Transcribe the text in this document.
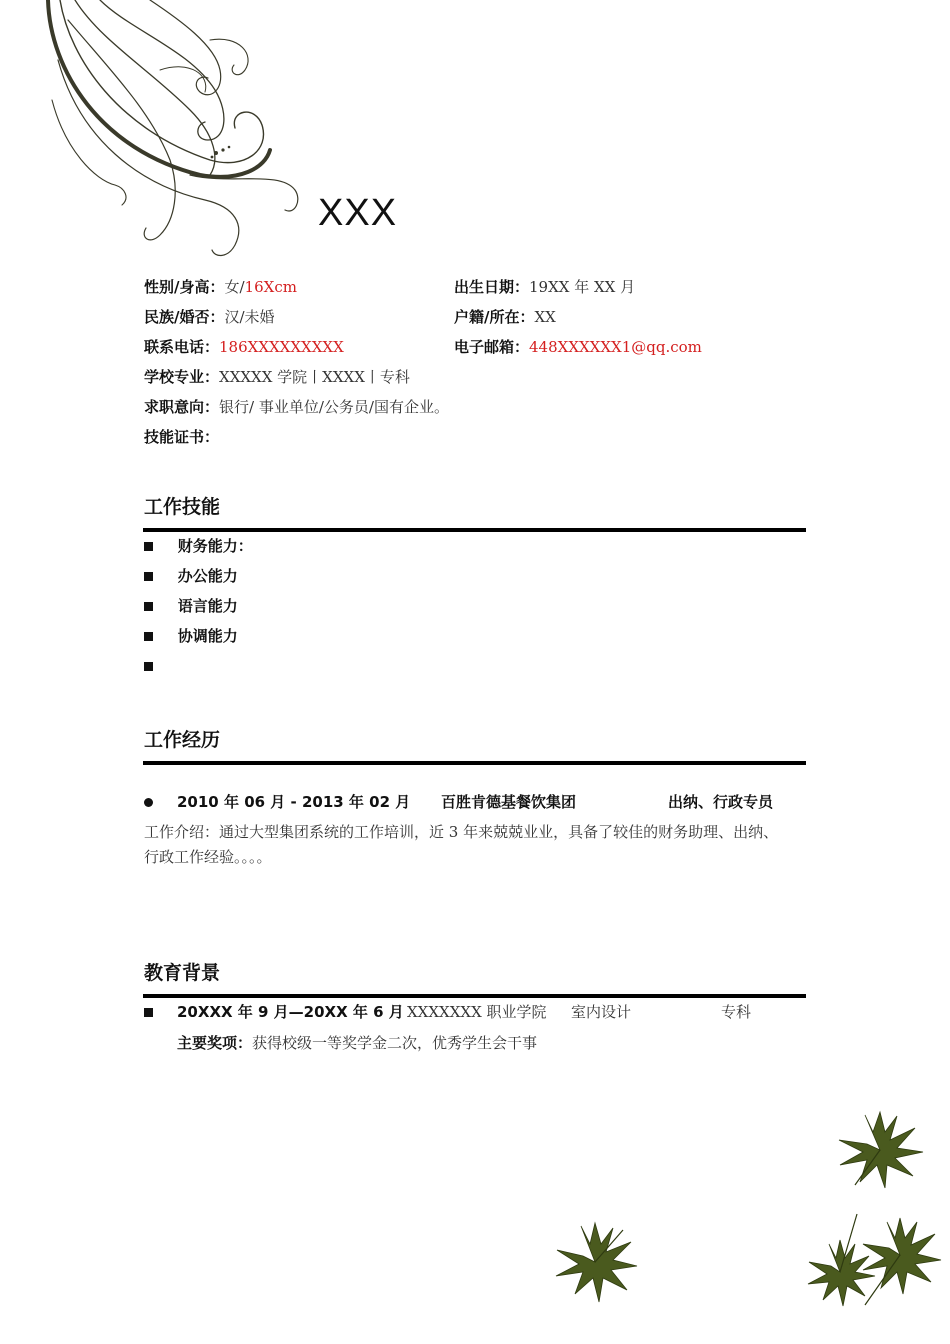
XXX
性别/身高：女/16Xcm	出生日期：19XX 年 XX 月
民族/婚否：汉/未婚	户籍/所在：XX
联系电话：186XXXXXXXXX	电子邮箱：448XXXXXX1@qq.com
学校专业：XXXXX 学院丨XXXX丨专科
求职意向：银行/ 事业单位/公务员/国有企业。
技能证书：
工作技能
财务能力：
办公能力
语言能力
协调能力
工作经历
2010 年 06 月 - 2013 年 02 月 百胜肯德基餐饮集团	出纳、行政专员
工作介绍：通过大型集团系统的工作培训，近 3 年来兢兢业业，具备了较佳的财务助理、出纳、
行政工作经验。。。。
教育背景
20XXX 年 9 月—20XX 年 6 月 XXXXXXX 职业学院 室内设计	专科
主要奖项：获得校级一等奖学金二次，优秀学生会干事
